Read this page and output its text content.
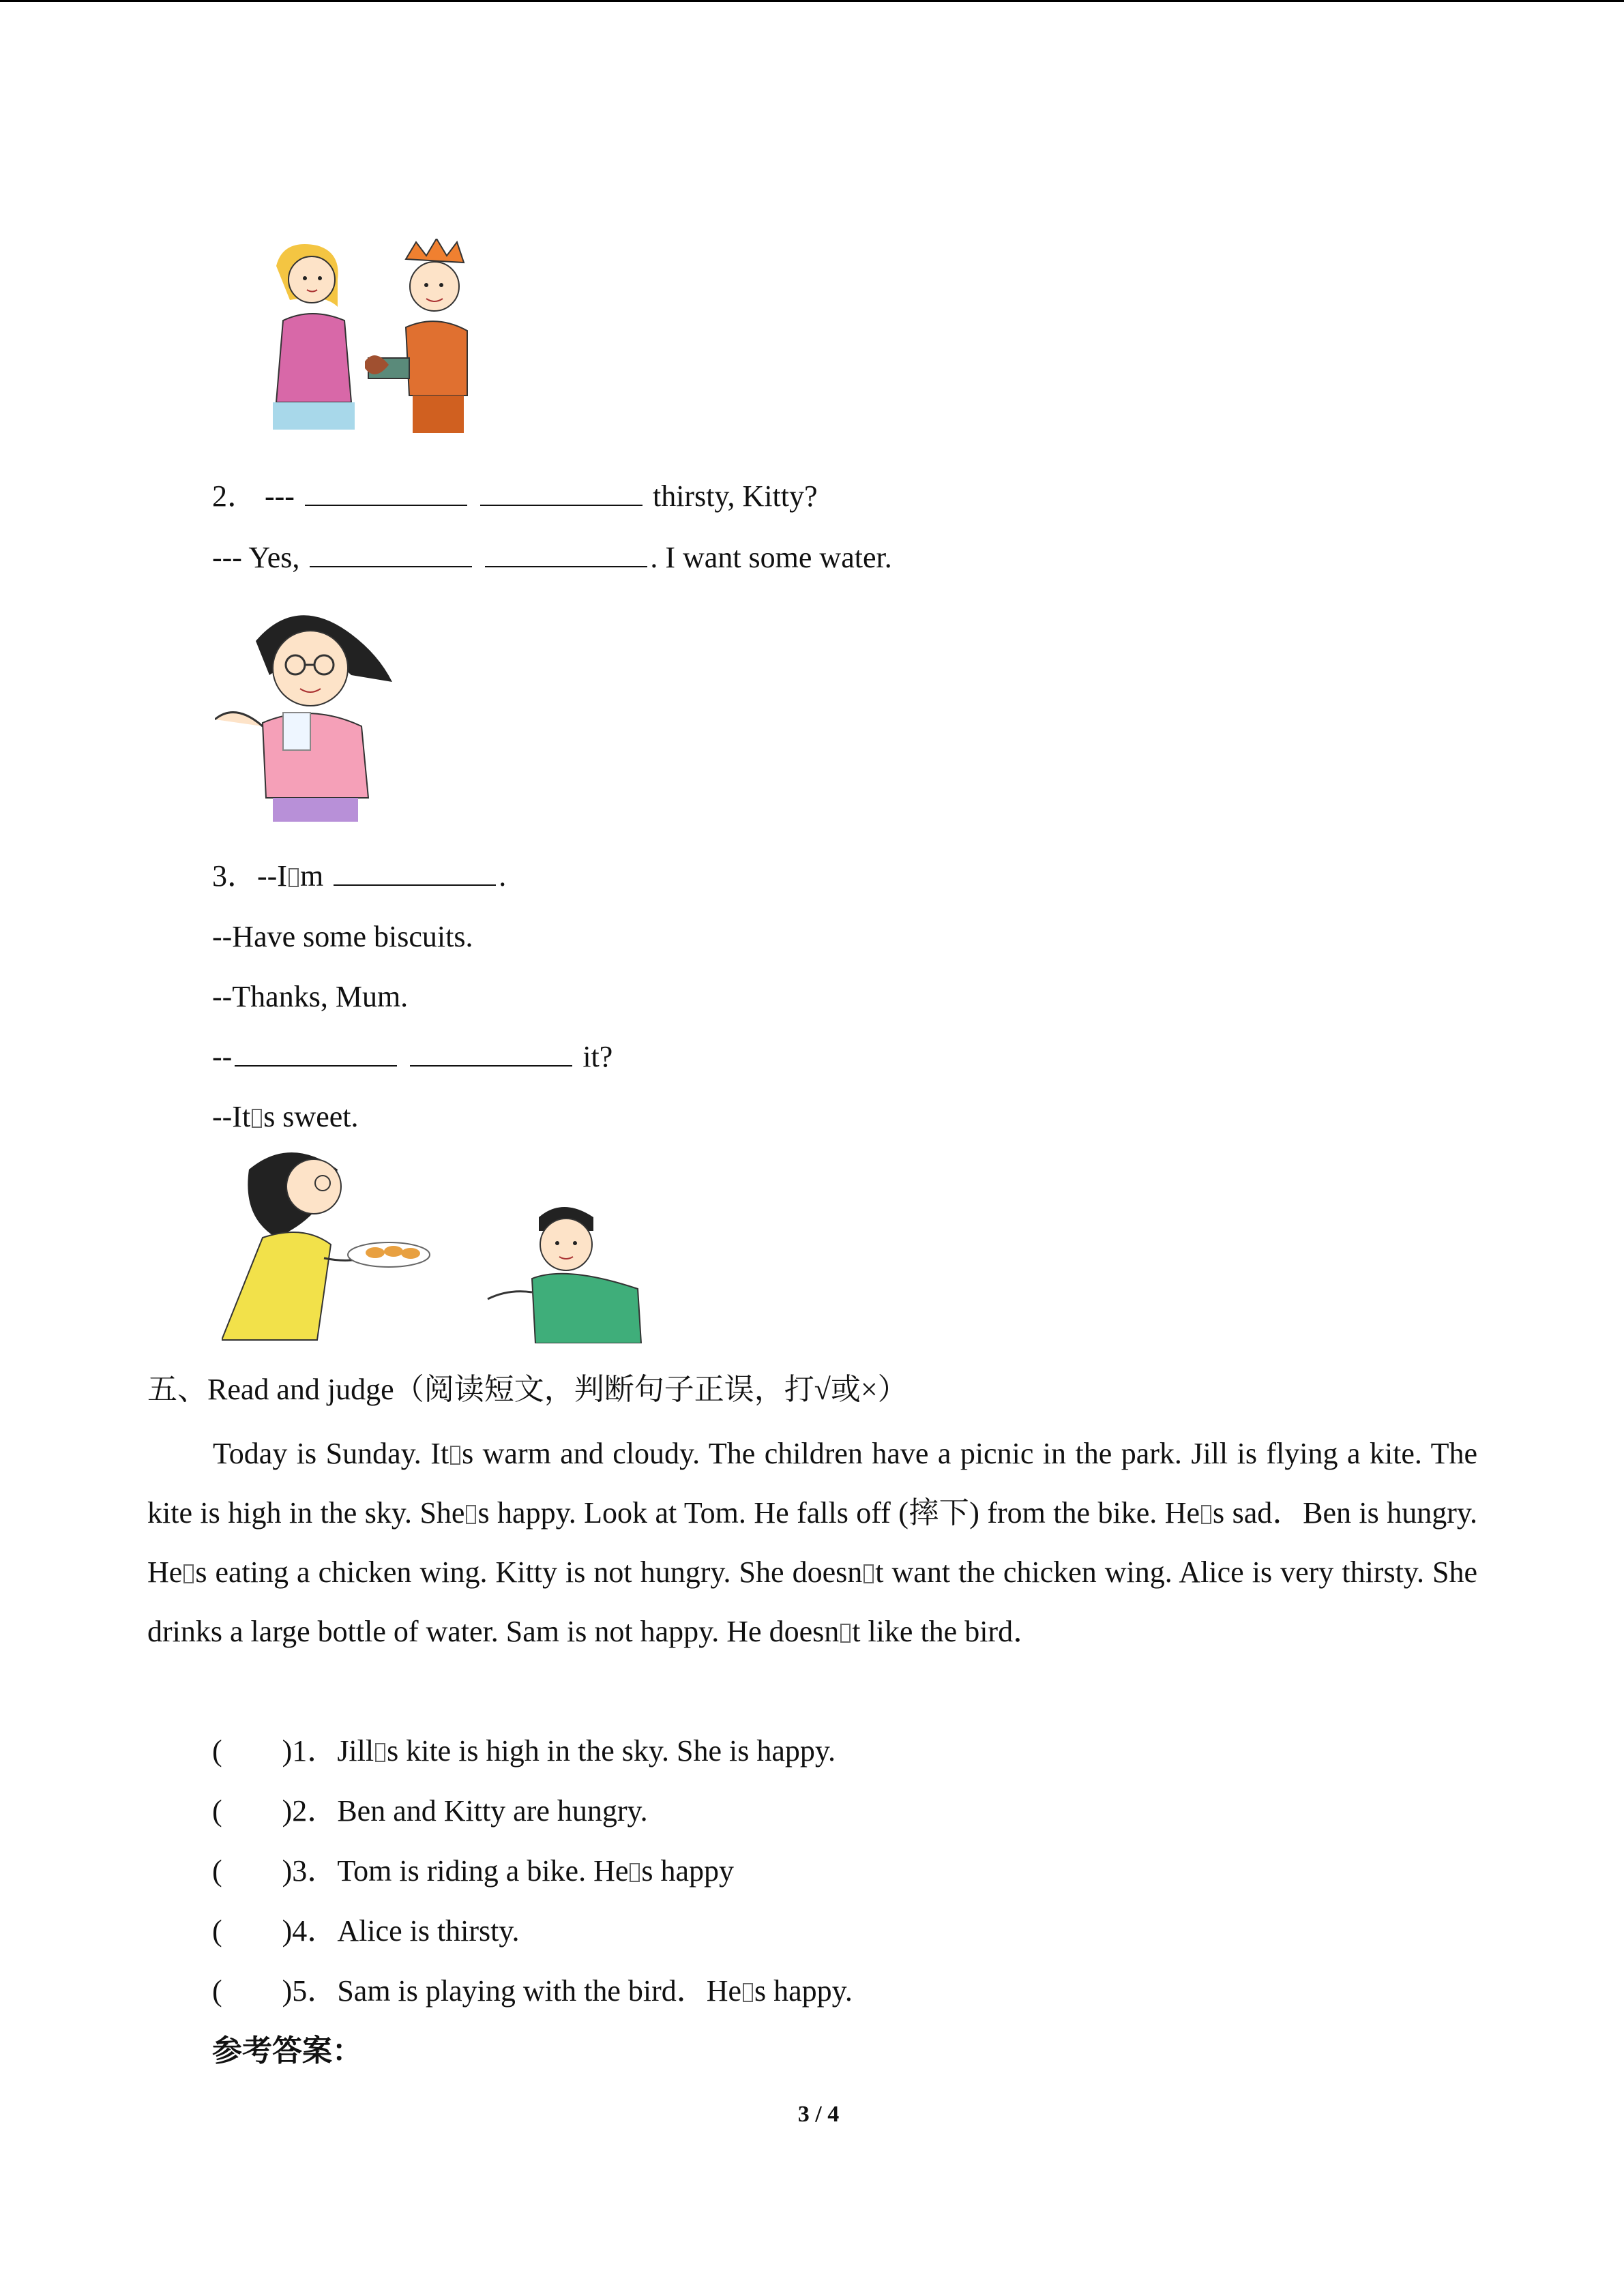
2． ---	thirsty, Kitty?
--- Yes,	. I want some water.
3．--I m	.
--Have some biscuits.
--Thanks, Mum.
--	it?
--It s sweet.
五、Read and judge（阅读短文，判断句子正误，打√或×）
Today is Sunday. It s warm and cloudy. The children have a picnic in the park. Jill is flying a kite. The kite is high in the sky. She s happy. Look at Tom. He falls off (摔下) from the bike. He s sad．Ben is hungry. He s eating a chicken wing. Kitty is not hungry. She doesn t want the chicken wing. Alice is very thirsty. She drinks a large bottle of water. Sam is not happy. He doesn t like the bird．
(        )1．Jill s kite is high in the sky. She is happy.
(        )2．Ben and Kitty are hungry.
(        )3．Tom is riding a bike. He s happy
(        )4．Alice is thirsty.
(        )5．Sam is playing with the bird．He s happy.
参考答案：
3 / 4
